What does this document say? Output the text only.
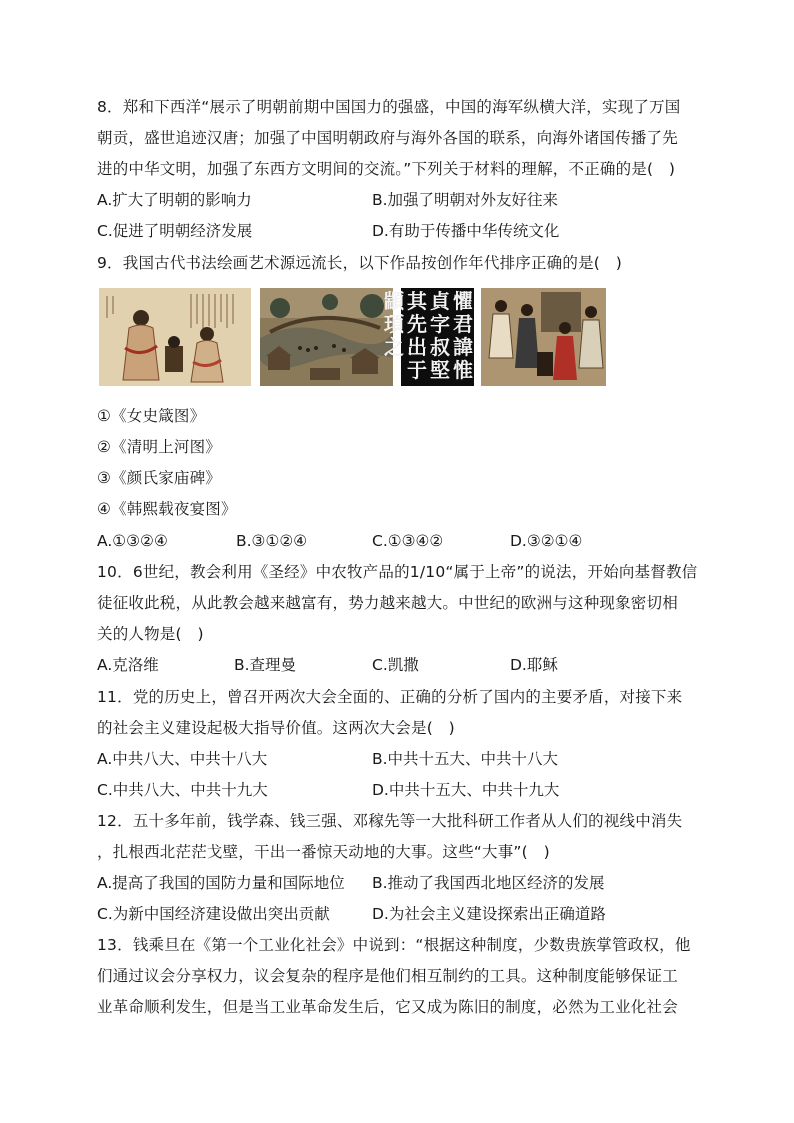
8．郑和下西洋“展示了明朝前期中国国力的强盛，中国的海军纵横大洋，实现了万国
朝贡，盛世追迹汉唐；加强了中国明朝政府与海外各国的联系，向海外诸国传播了先
进的中华文明，加强了东西方文明间的交流。”下列关于材料的理解，不正确的是(　)
A.扩大了明朝的影响力	B.加强了明朝对外友好往来
C.促进了明朝经济发展	D.有助于传播中华传统文化
9．我国古代书法绘画艺术源远流长，以下作品按创作年代排序正确的是(　)
懼
君
諱
惟
貞
字
叔
堅
其
先
出
于
顓
頊
之
①《女史箴图》
②《清明上河图》
③《颜氏家庙碑》
④《韩熙载夜宴图》
A.①③②④	B.③①②④	C.①③④②	D.③②①④
10．6世纪，教会利用《圣经》中农牧产品的1/10“属于上帝”的说法，开始向基督教信
徒征收此税，从此教会越来越富有，势力越来越大。中世纪的欧洲与这种现象密切相
关的人物是(　)
A.克洛维	B.查理曼	C.凯撒	D.耶稣
11．党的历史上，曾召开两次大会全面的、正确的分析了国内的主要矛盾，对接下来
的社会主义建设起极大指导价值。这两次大会是(　)
A.中共八大、中共十八大	B.中共十五大、中共十八大
C.中共八大、中共十九大	D.中共十五大、中共十九大
12．五十多年前，钱学森、钱三强、邓稼先等一大批科研工作者从人们的视线中消失
，扎根西北茫茫戈壁，干出一番惊天动地的大事。这些“大事”(　)
A.提高了我国的国防力量和国际地位 B.推动了我国西北地区经济的发展
C.为新中国经济建设做出突出贡献	D.为社会主义建设探索出正确道路
13．钱乘旦在《第一个工业化社会》中说到：“根据这种制度，少数贵族掌管政权，他
们通过议会分享权力，议会复杂的程序是他们相互制约的工具。这种制度能够保证工
业革命顺利发生，但是当工业革命发生后，它又成为陈旧的制度，必然为工业化社会
